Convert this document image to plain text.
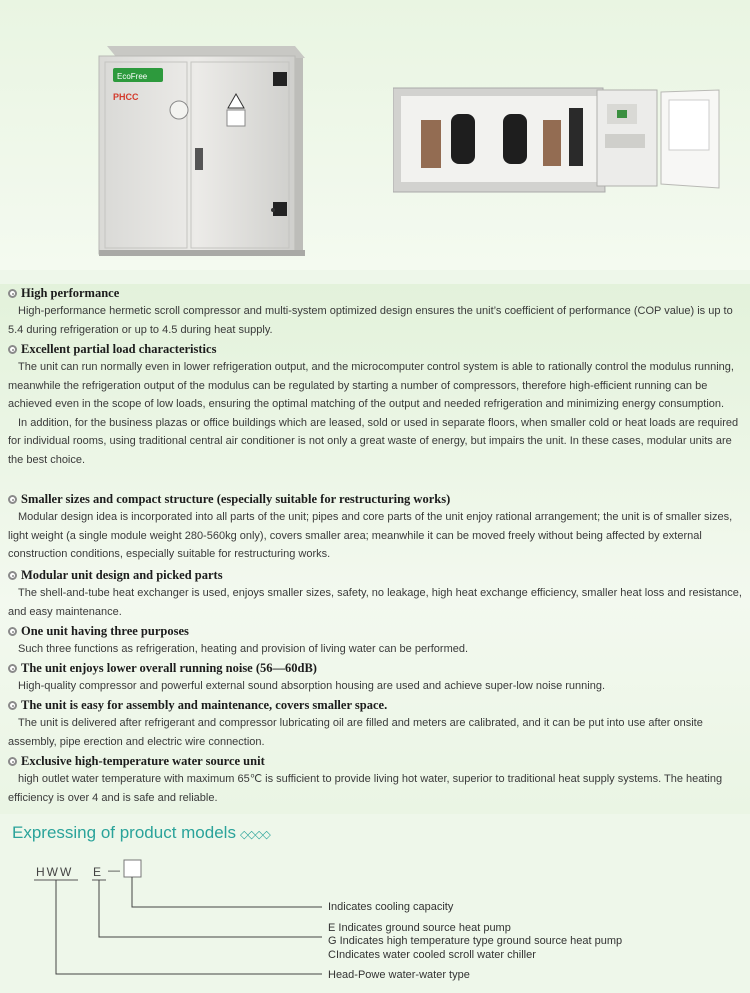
EcoFree
PHCC
High performance

High-performance hermetic scroll compressor and multi-system optimized design ensures the unit’s coefficient of performance (COP value) is up to 5.4 during refrigeration or up to 4.5 during heat supply.

Excellent partial load characteristics

The unit can run normally even in lower refrigeration output, and the microcomputer control system is able to rationally control the modulus running, meanwhile the refrigeration output of the modulus can be regulated by starting a number of compressors, therefore high-efficient running can be achieved even in the scope of low loads, ensuring the optimal matching of the output and needed refrigeration and minimizing energy consumption.

In addition, for the business plazas or office buildings which are leased, sold or used in separate floors, when smaller cold or heat loads are required for individual rooms, using traditional central air conditioner is not only a great waste of energy, but impairs the unit. In these cases, modular units are the best choice.

Smaller sizes and compact structure (especially suitable for restructuring works)

Modular design idea is incorporated into all parts of the unit; pipes and core parts of the unit enjoy rational arrangement; the unit is of smaller sizes, light weight (a single module weight 280-560kg only), covers smaller area; meanwhile it can be moved freely without being affected by external construction conditions, especially suitable for restructuring works.

Modular unit design and picked parts

The shell-and-tube heat exchanger is used, enjoys smaller sizes, safety, no leakage, high heat exchange efficiency, smaller heat loss and resistance, and easy maintenance.

One unit having three purposes

Such three functions as refrigeration, heating and provision of living water can be performed.

The unit enjoys lower overall running noise (56—60dB)

High-quality compressor and powerful external sound absorption housing are used and achieve super-low noise running.

The unit is easy for assembly and maintenance, covers smaller space.

The unit is delivered after refrigerant and compressor lubricating oil are filled and meters are calibrated, and it can be put into use after onsite assembly, pipe erection and electric wire connection.

Exclusive high-temperature water source unit

high outlet water temperature with maximum 65℃ is sufficient to provide living hot water, superior to traditional heat supply systems. The heating efficiency is over 4 and is safe and reliable.

Expressing of product models ◇◇◇◇
HWW E —
Indicates cooling capacity
E Indicates ground source heat pump
G Indicates high temperature type ground source heat pump
CIndicates water cooled scroll water chiller
Head-Powe water-water type
